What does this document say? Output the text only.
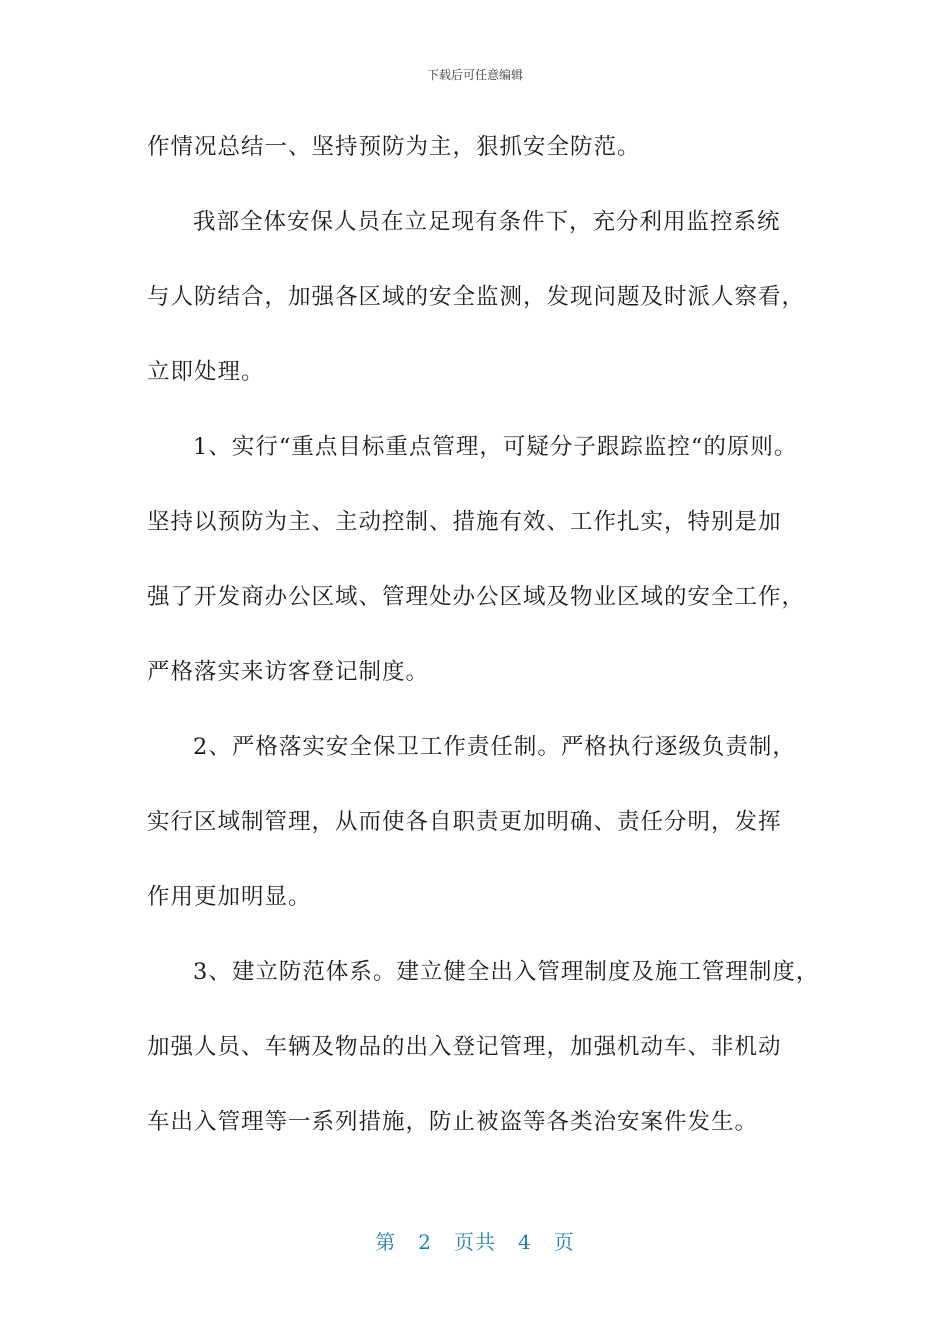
下载后可任意编辑
作情况总结一、坚持预防为主，狠抓安全防范。
我部全体安保人员在立足现有条件下，充分利用监控系统
与人防结合，加强各区域的安全监测，发现问题及时派人察看，
立即处理。
1、实行“重点目标重点管理，可疑分子跟踪监控“的原则。
坚持以预防为主、主动控制、措施有效、工作扎实，特别是加
强了开发商办公区域、管理处办公区域及物业区域的安全工作，
严格落实来访客登记制度。
2、严格落实安全保卫工作责任制。严格执行逐级负责制，
实行区域制管理，从而使各自职责更加明确、责任分明，发挥
作用更加明显。
3、建立防范体系。建立健全出入管理制度及施工管理制度，
加强人员、车辆及物品的出入登记管理，加强机动车、非机动
车出入管理等一系列措施，防止被盗等各类治安案件发生。
第 2 页共 4 页
